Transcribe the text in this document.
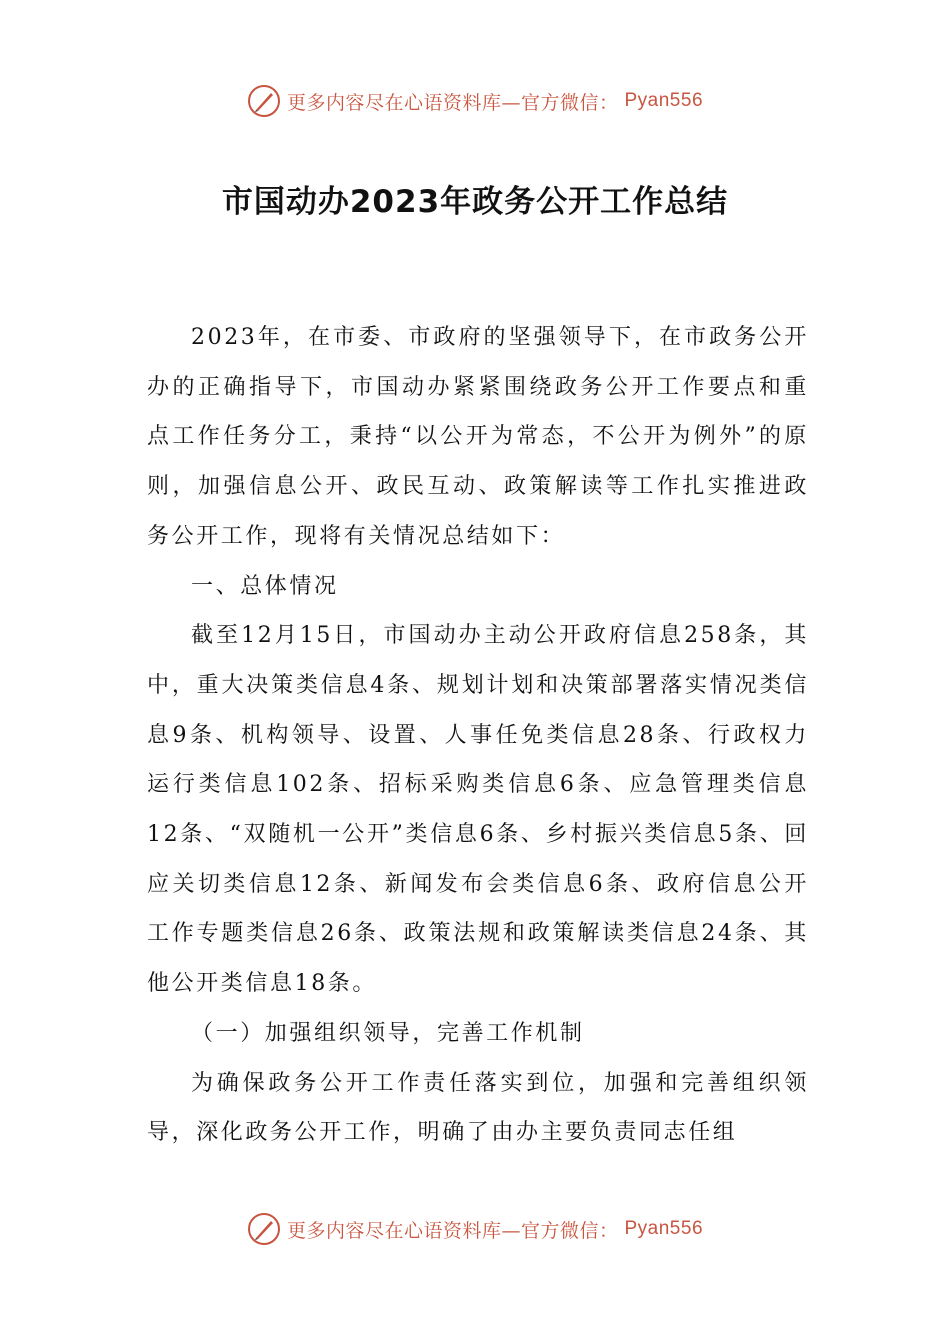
更多内容尽在心语资料库—官方微信： Pyan556
市国动办2023年政务公开工作总结

2023年，在市委、市政府的坚强领导下，在市政务公开办的正确指导下，市国动办紧紧围绕政务公开工作要点和重点工作任务分工，秉持“以公开为常态，不公开为例外”的原则，加强信息公开、政民互动、政策解读等工作扎实推进政务公开工作，现将有关情况总结如下：

一、总体情况

截至12月15日，市国动办主动公开政府信息258条，其中，重大决策类信息4条、规划计划和决策部署落实情况类信息9条、机构领导、设置、人事任免类信息28条、行政权力运行类信息102条、招标采购类信息6条、应急管理类信息12条、“双随机一公开”类信息6条、乡村振兴类信息5条、回应关切类信息12条、新闻发布会类信息6条、政府信息公开工作专题类信息26条、政策法规和政策解读类信息24条、其他公开类信息18条。

（一）加强组织领导，完善工作机制

为确保政务公开工作责任落实到位，加强和完善组织领导，深化政务公开工作，明确了由办主要负责同志任组

更多内容尽在心语资料库—官方微信： Pyan556
